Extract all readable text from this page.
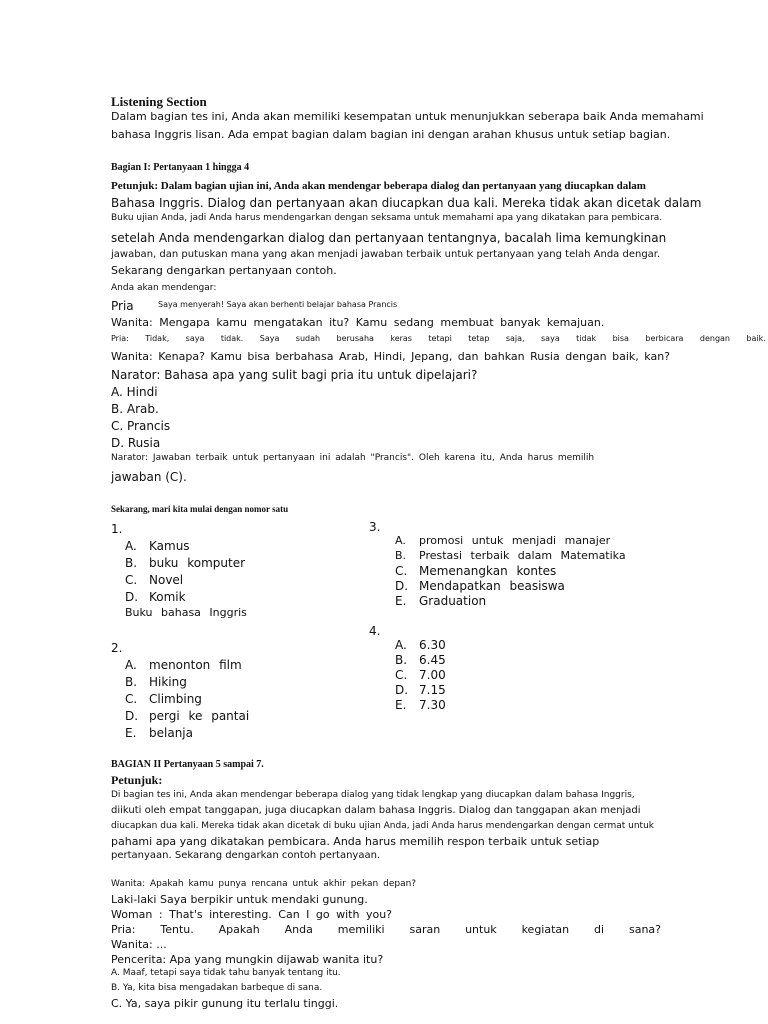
Listening Section
Dalam bagian tes ini, Anda akan memiliki kesempatan untuk menunjukkan seberapa baik Anda memahami
bahasa Inggris lisan. Ada empat bagian dalam bagian ini dengan arahan khusus untuk setiap bagian.
Bagian I: Pertanyaan 1 hingga 4
Petunjuk: Dalam bagian ujian ini, Anda akan mendengar beberapa dialog dan pertanyaan yang diucapkan dalam
Bahasa Inggris. Dialog dan pertanyaan akan diucapkan dua kali. Mereka tidak akan dicetak dalam
Buku ujian Anda, jadi Anda harus mendengarkan dengan seksama untuk memahami apa yang dikatakan para pembicara.
setelah Anda mendengarkan dialog dan pertanyaan tentangnya, bacalah lima kemungkinan
jawaban, dan putuskan mana yang akan menjadi jawaban terbaik untuk pertanyaan yang telah Anda dengar.
Sekarang dengarkan pertanyaan contoh.
Anda akan mendengar:
Pria	Saya menyerah! Saya akan berhenti belajar bahasa Prancis
Wanita: Mengapa kamu mengatakan itu? Kamu sedang membuat banyak kemajuan.
Pria: Tidak, saya tidak. Saya sudah berusaha keras tetapi tetap saja, saya tidak bisa berbicara dengan baik.
Wanita: Kenapa? Kamu bisa berbahasa Arab, Hindi, Jepang, dan bahkan Rusia dengan baik, kan?
Narator: Bahasa apa yang sulit bagi pria itu untuk dipelajari?
A. Hindi
B. Arab.
C. Prancis
D. Rusia
Narator: Jawaban terbaik untuk pertanyaan ini adalah "Prancis". Oleh karena itu, Anda harus memilih
jawaban (C).
Sekarang, mari kita mulai dengan nomor satu
1.
A. Kamus
B. buku komputer
C. Novel
D. Komik
Buku bahasa Inggris
2.
A. menonton film
B. Hiking
C. Climbing
D. pergi ke pantai
E. belanja
3.
A. promosi untuk menjadi manajer
B. Prestasi terbaik dalam Matematika
C. Memenangkan kontes
D. Mendapatkan beasiswa
E. Graduation
4.
A. 6.30
B. 6.45
C. 7.00
D. 7.15
E. 7.30
BAGIAN II Pertanyaan 5 sampai 7.
Petunjuk:
Di bagian tes ini, Anda akan mendengar beberapa dialog yang tidak lengkap yang diucapkan dalam bahasa Inggris,
diikuti oleh empat tanggapan, juga diucapkan dalam bahasa Inggris. Dialog dan tanggapan akan menjadi
diucapkan dua kali. Mereka tidak akan dicetak di buku ujian Anda, jadi Anda harus mendengarkan dengan cermat untuk
pahami apa yang dikatakan pembicara. Anda harus memilih respon terbaik untuk setiap
pertanyaan. Sekarang dengarkan contoh pertanyaan.
Wanita: Apakah kamu punya rencana untuk akhir pekan depan?
Laki-laki Saya berpikir untuk mendaki gunung.
Woman : That's interesting. Can I go with you?
Pria: Tentu. Apakah Anda memiliki saran untuk kegiatan di sana?
Wanita: ...
Pencerita: Apa yang mungkin dijawab wanita itu?
A. Maaf, tetapi saya tidak tahu banyak tentang itu.
B. Ya, kita bisa mengadakan barbeque di sana.
C. Ya, saya pikir gunung itu terlalu tinggi.
